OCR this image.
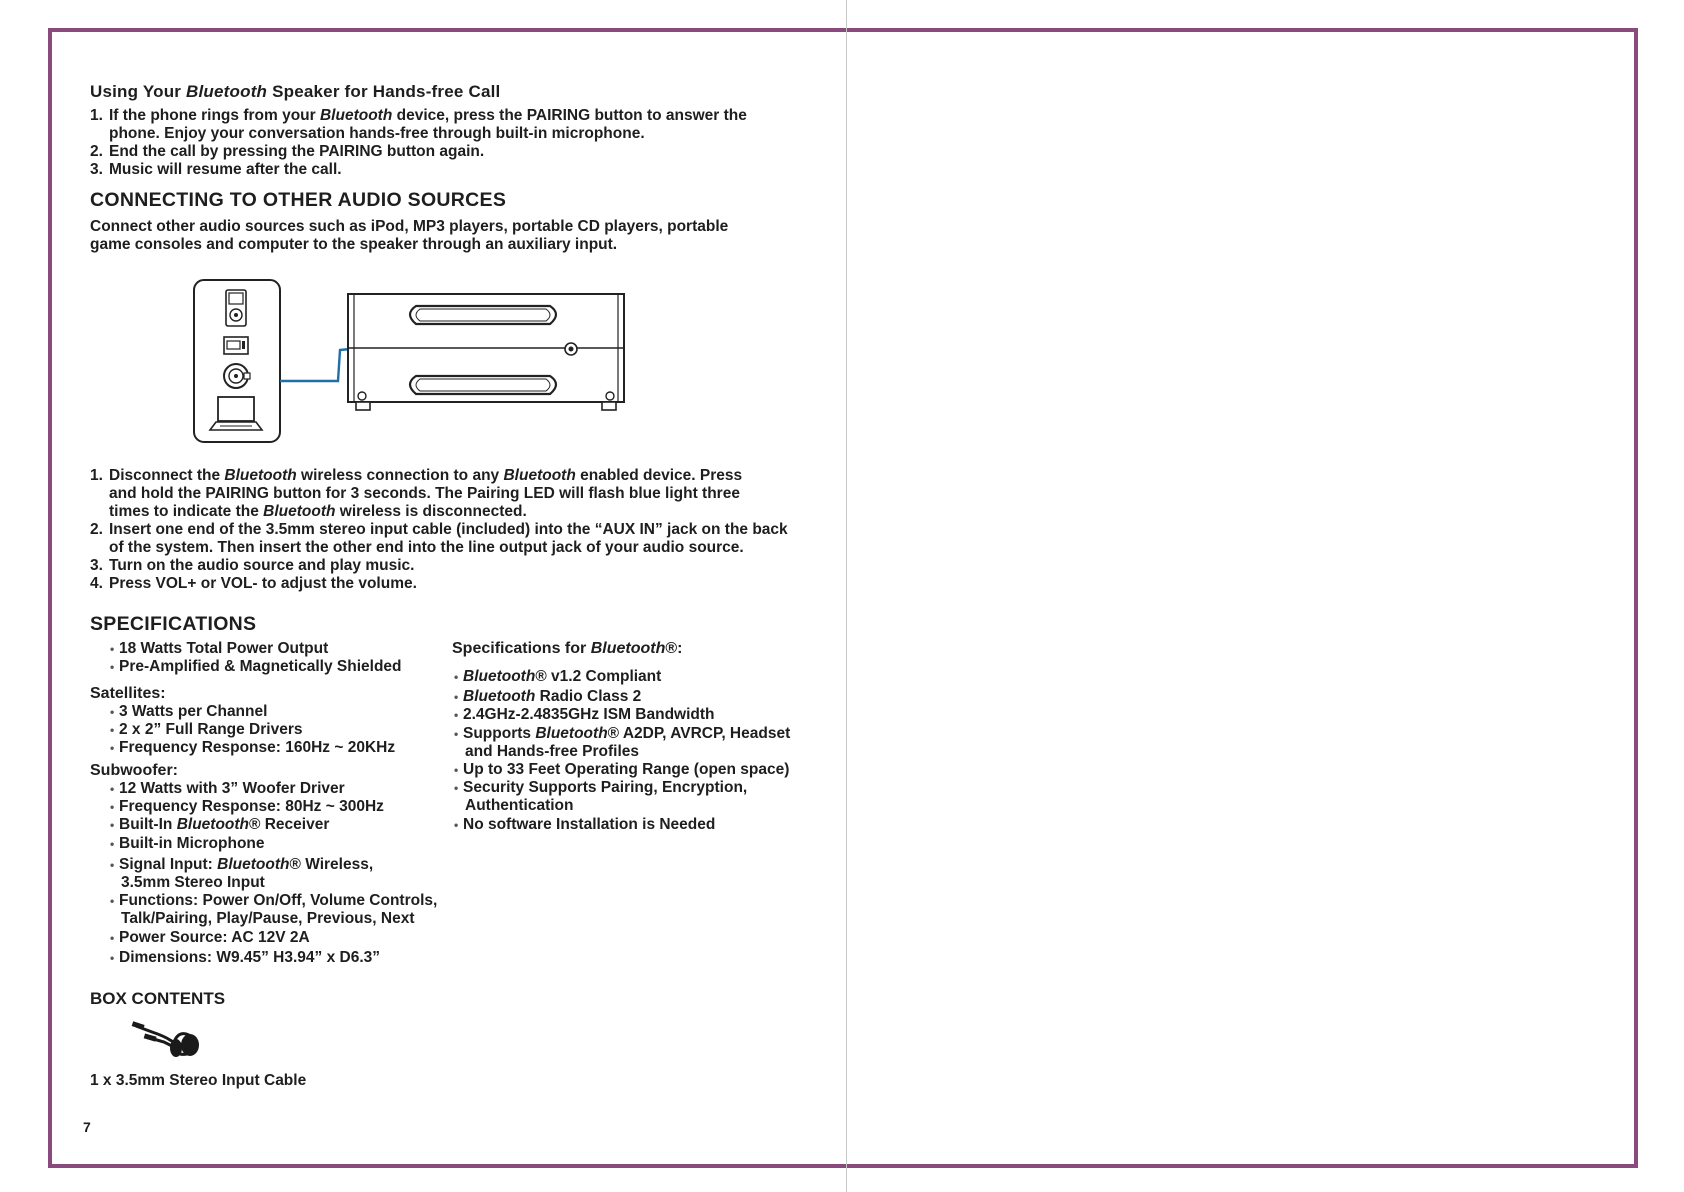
Using Your Bluetooth Speaker for Hands-free Call
1. If the phone rings from your Bluetooth device, press the PAIRING button to answer the
phone. Enjoy your conversation hands-free through built-in microphone.
2. End the call by pressing the PAIRING button again.
3. Music will resume after the call.
CONNECTING TO OTHER AUDIO SOURCES

Connect other audio sources such as iPod, MP3 players, portable CD players, portable
game consoles and computer to the speaker through an auxiliary input.

1. Disconnect the Bluetooth wireless connection to any Bluetooth enabled device. Press
and hold the PAIRING button for 3 seconds. The Pairing LED will flash blue light three
times to indicate the Bluetooth wireless is disconnected.
2. Insert one end of the 3.5mm stereo input cable (included) into the “AUX IN” jack on the back
of the system. Then insert the other end into the line output jack of your audio source.
3. Turn on the audio source and play music.
4. Press VOL+ or VOL- to adjust the volume.
SPECIFICATIONS
• 18 Watts Total Power Output
• Pre-Amplified & Magnetically Shielded
Satellites:
• 3 Watts per Channel
• 2 x 2” Full Range Drivers
• Frequency Response: 160Hz ~ 20KHz
Subwoofer:
• 12 Watts with 3” Woofer Driver
• Frequency Response: 80Hz ~ 300Hz
• Built-In Bluetooth® Receiver
• Built-in Microphone
• Signal Input: Bluetooth® Wireless,
3.5mm Stereo Input
• Functions: Power On/Off, Volume Controls,
Talk/Pairing, Play/Pause, Previous, Next
• Power Source: AC 12V 2A
• Dimensions: W9.45” H3.94” x D6.3”
Specifications for Bluetooth®:
• Bluetooth® v1.2 Compliant
• Bluetooth Radio Class 2
• 2.4GHz-2.4835GHz ISM Bandwidth
• Supports Bluetooth® A2DP, AVRCP, Headset
and Hands-free Profiles
• Up to 33 Feet Operating Range (open space)
• Security Supports Pairing, Encryption,
Authentication
• No software Installation is Needed
BOX CONTENTS
1 x 3.5mm Stereo Input Cable
7
